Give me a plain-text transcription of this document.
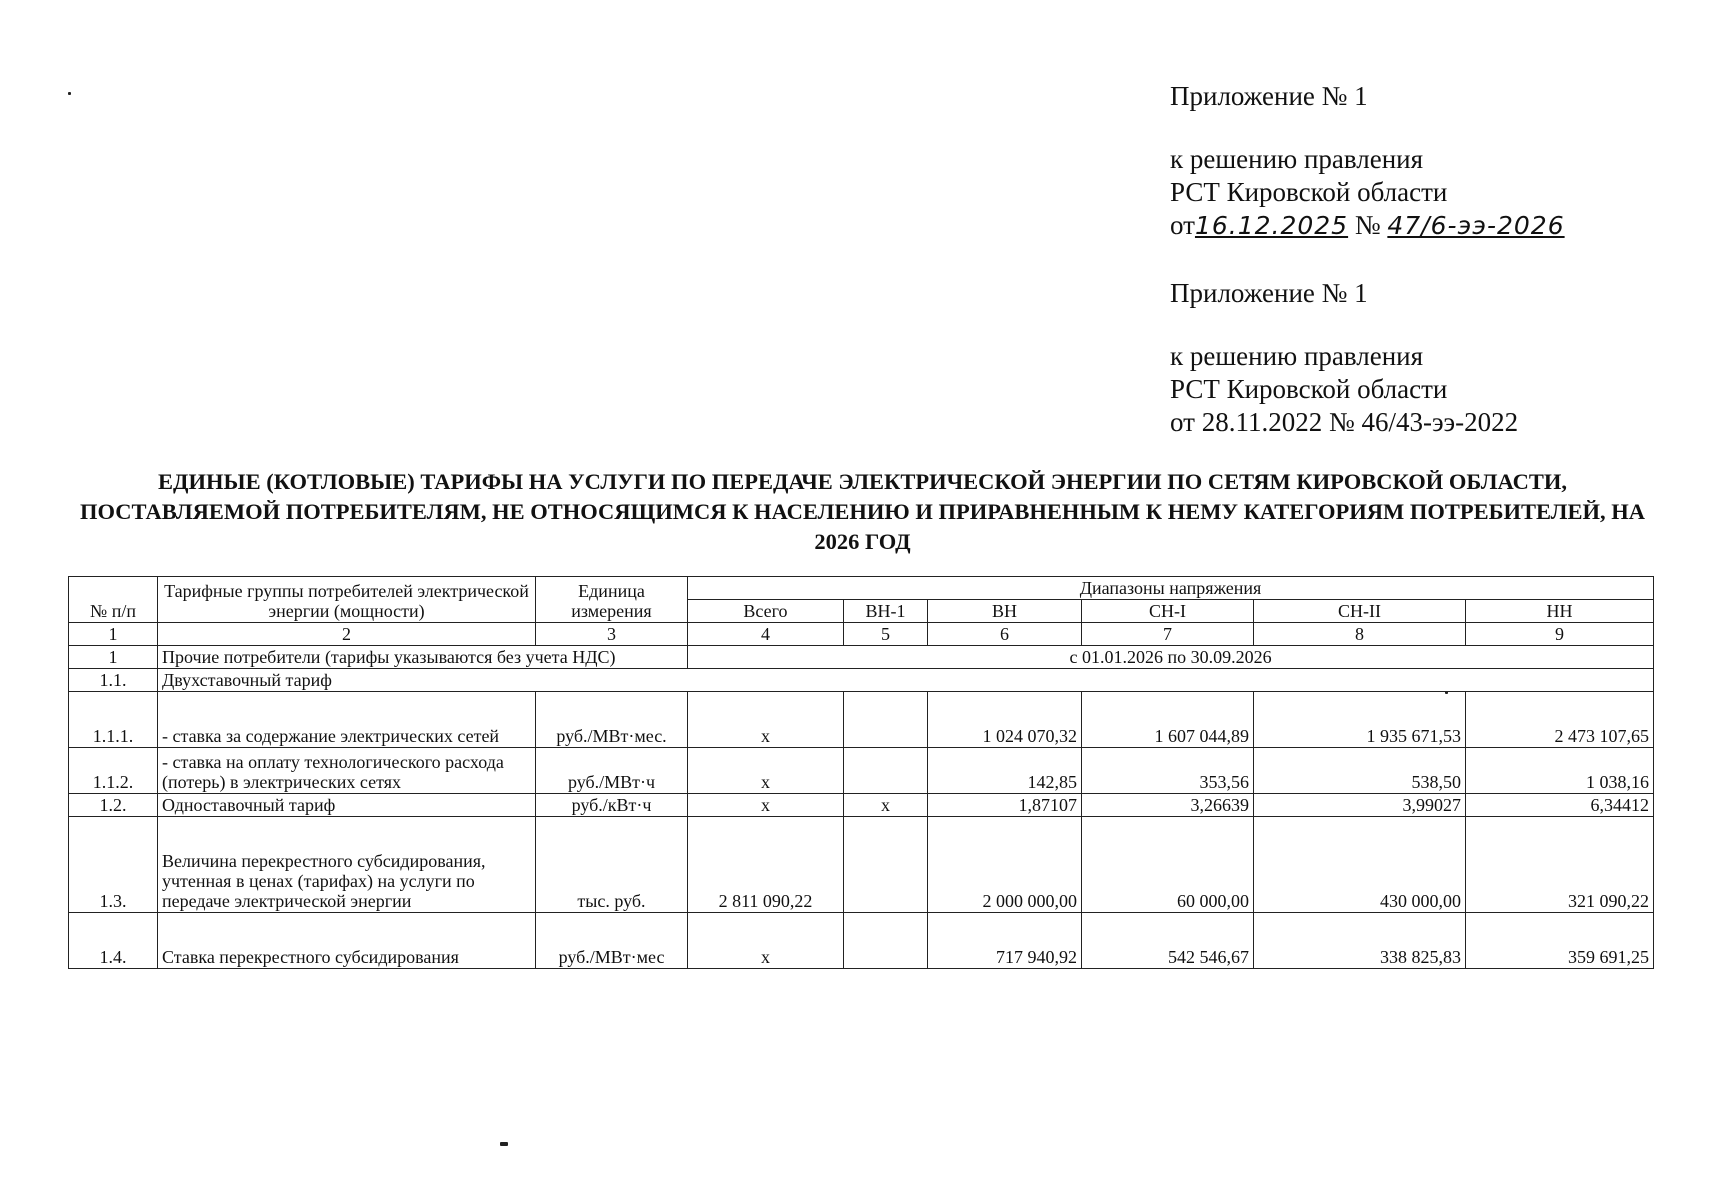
Приложение № 1
к решению правления
РСТ Кировской области
от16.12.2025 № 47/6-ээ-2026
Приложение № 1
к решению правления
РСТ Кировской области
от 28.11.2022 № 46/43-ээ-2022
ЕДИНЫЕ (КОТЛОВЫЕ) ТАРИФЫ НА УСЛУГИ ПО ПЕРЕДАЧЕ ЭЛЕКТРИЧЕСКОЙ ЭНЕРГИИ ПО СЕТЯМ КИРОВСКОЙ ОБЛАСТИ, ПОСТАВЛЯЕМОЙ ПОТРЕБИТЕЛЯМ, НЕ ОТНОСЯЩИМСЯ К НАСЕЛЕНИЮ И ПРИРАВНЕННЫМ К НЕМУ КАТЕГОРИЯМ ПОТРЕБИТЕЛЕЙ, НА 2026 ГОД
№ п/п	Тарифные группы потребителей электрической энергии (мощности)	Единица измерения	Диапазоны напряжения					
			Всего	ВН-1	ВН	СН-I	СН-II	НН
1	2	3	4	5	6	7	8	9
1	Прочие потребители (тарифы указываются без учета НДС)		с 01.01.2026 по 30.09.2026					
1.1.	Двухставочный тариф							
1.1.1.	- ставка за содержание электрических сетей	руб./МВт·мес.	х		1 024 070,32	1 607 044,89	1 935 671,53	2 473 107,65
1.1.2.	- ставка на оплату технологического расхода (потерь) в электрических сетях	руб./МВт·ч	х		142,85	353,56	538,50	1 038,16
1.2.	Одноставочный тариф	руб./кВт·ч	х	х	1,87107	3,26639	3,99027	6,34412
1.3.	Величина перекрестного субсидирования, учтенная в ценах (тарифах) на услуги по передаче электрической энергии	тыс. руб.	2 811 090,22		2 000 000,00	60 000,00	430 000,00	321 090,22
1.4.	Ставка перекрестного субсидирования	руб./МВт·мес	х		717 940,92	542 546,67	338 825,83	359 691,25
